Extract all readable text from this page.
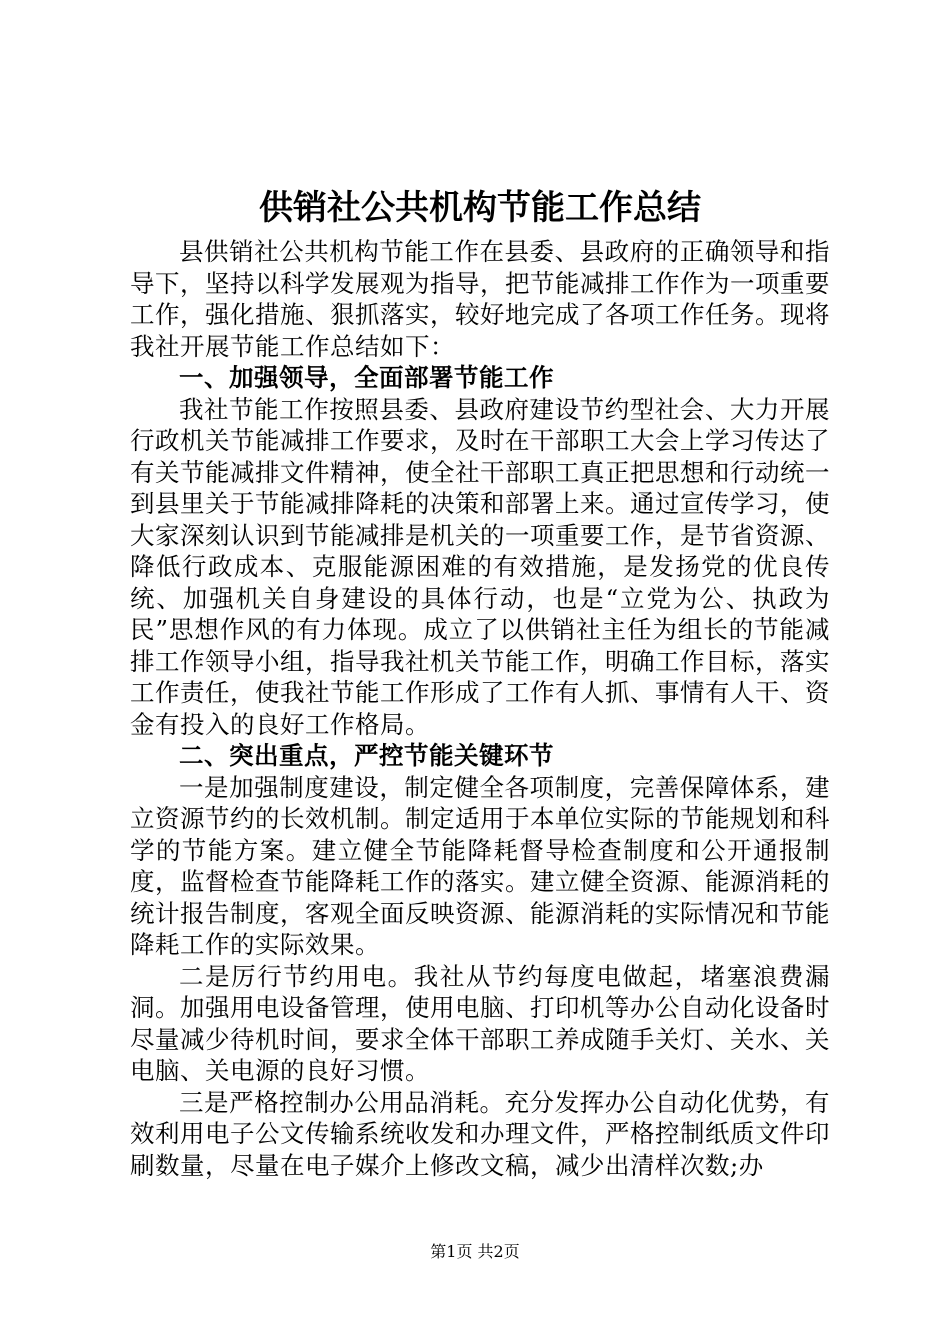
供销社公共机构节能工作总结

县供销社公共机构节能工作在县委、县政府的正确领导和指导下，坚持以科学发展观为指导，把节能减排工作作为一项重要工作，强化措施、狠抓落实，较好地完成了各项工作任务。现将我社开展节能工作总结如下：

一、加强领导，全面部署节能工作

我社节能工作按照县委、县政府建设节约型社会、大力开展行政机关节能减排工作要求，及时在干部职工大会上学习传达了有关节能减排文件精神，使全社干部职工真正把思想和行动统一到县里关于节能减排降耗的决策和部署上来。通过宣传学习，使大家深刻认识到节能减排是机关的一项重要工作，是节省资源、降低行政成本、克服能源困难的有效措施，是发扬党的优良传统、加强机关自身建设的具体行动，也是“立党为公、执政为民”思想作风的有力体现。成立了以供销社主任为组长的节能减排工作领导小组，指导我社机关节能工作，明确工作目标，落实工作责任，使我社节能工作形成了工作有人抓、事情有人干、资金有投入的良好工作格局。

二、突出重点，严控节能关键环节

一是加强制度建设，制定健全各项制度，完善保障体系，建立资源节约的长效机制。制定适用于本单位实际的节能规划和科学的节能方案。建立健全节能降耗督导检查制度和公开通报制度，监督检查节能降耗工作的落实。建立健全资源、能源消耗的统计报告制度，客观全面反映资源、能源消耗的实际情况和节能降耗工作的实际效果。

二是厉行节约用电。我社从节约每度电做起，堵塞浪费漏洞。加强用电设备管理，使用电脑、打印机等办公自动化设备时尽量减少待机时间，要求全体干部职工养成随手关灯、关水、关电脑、关电源的良好习惯。

三是严格控制办公用品消耗。充分发挥办公自动化优势，有效利用电子公文传输系统收发和办理文件，严格控制纸质文件印刷数量，尽量在电子媒介上修改文稿，减少出清样次数;办

第1页 共2页
